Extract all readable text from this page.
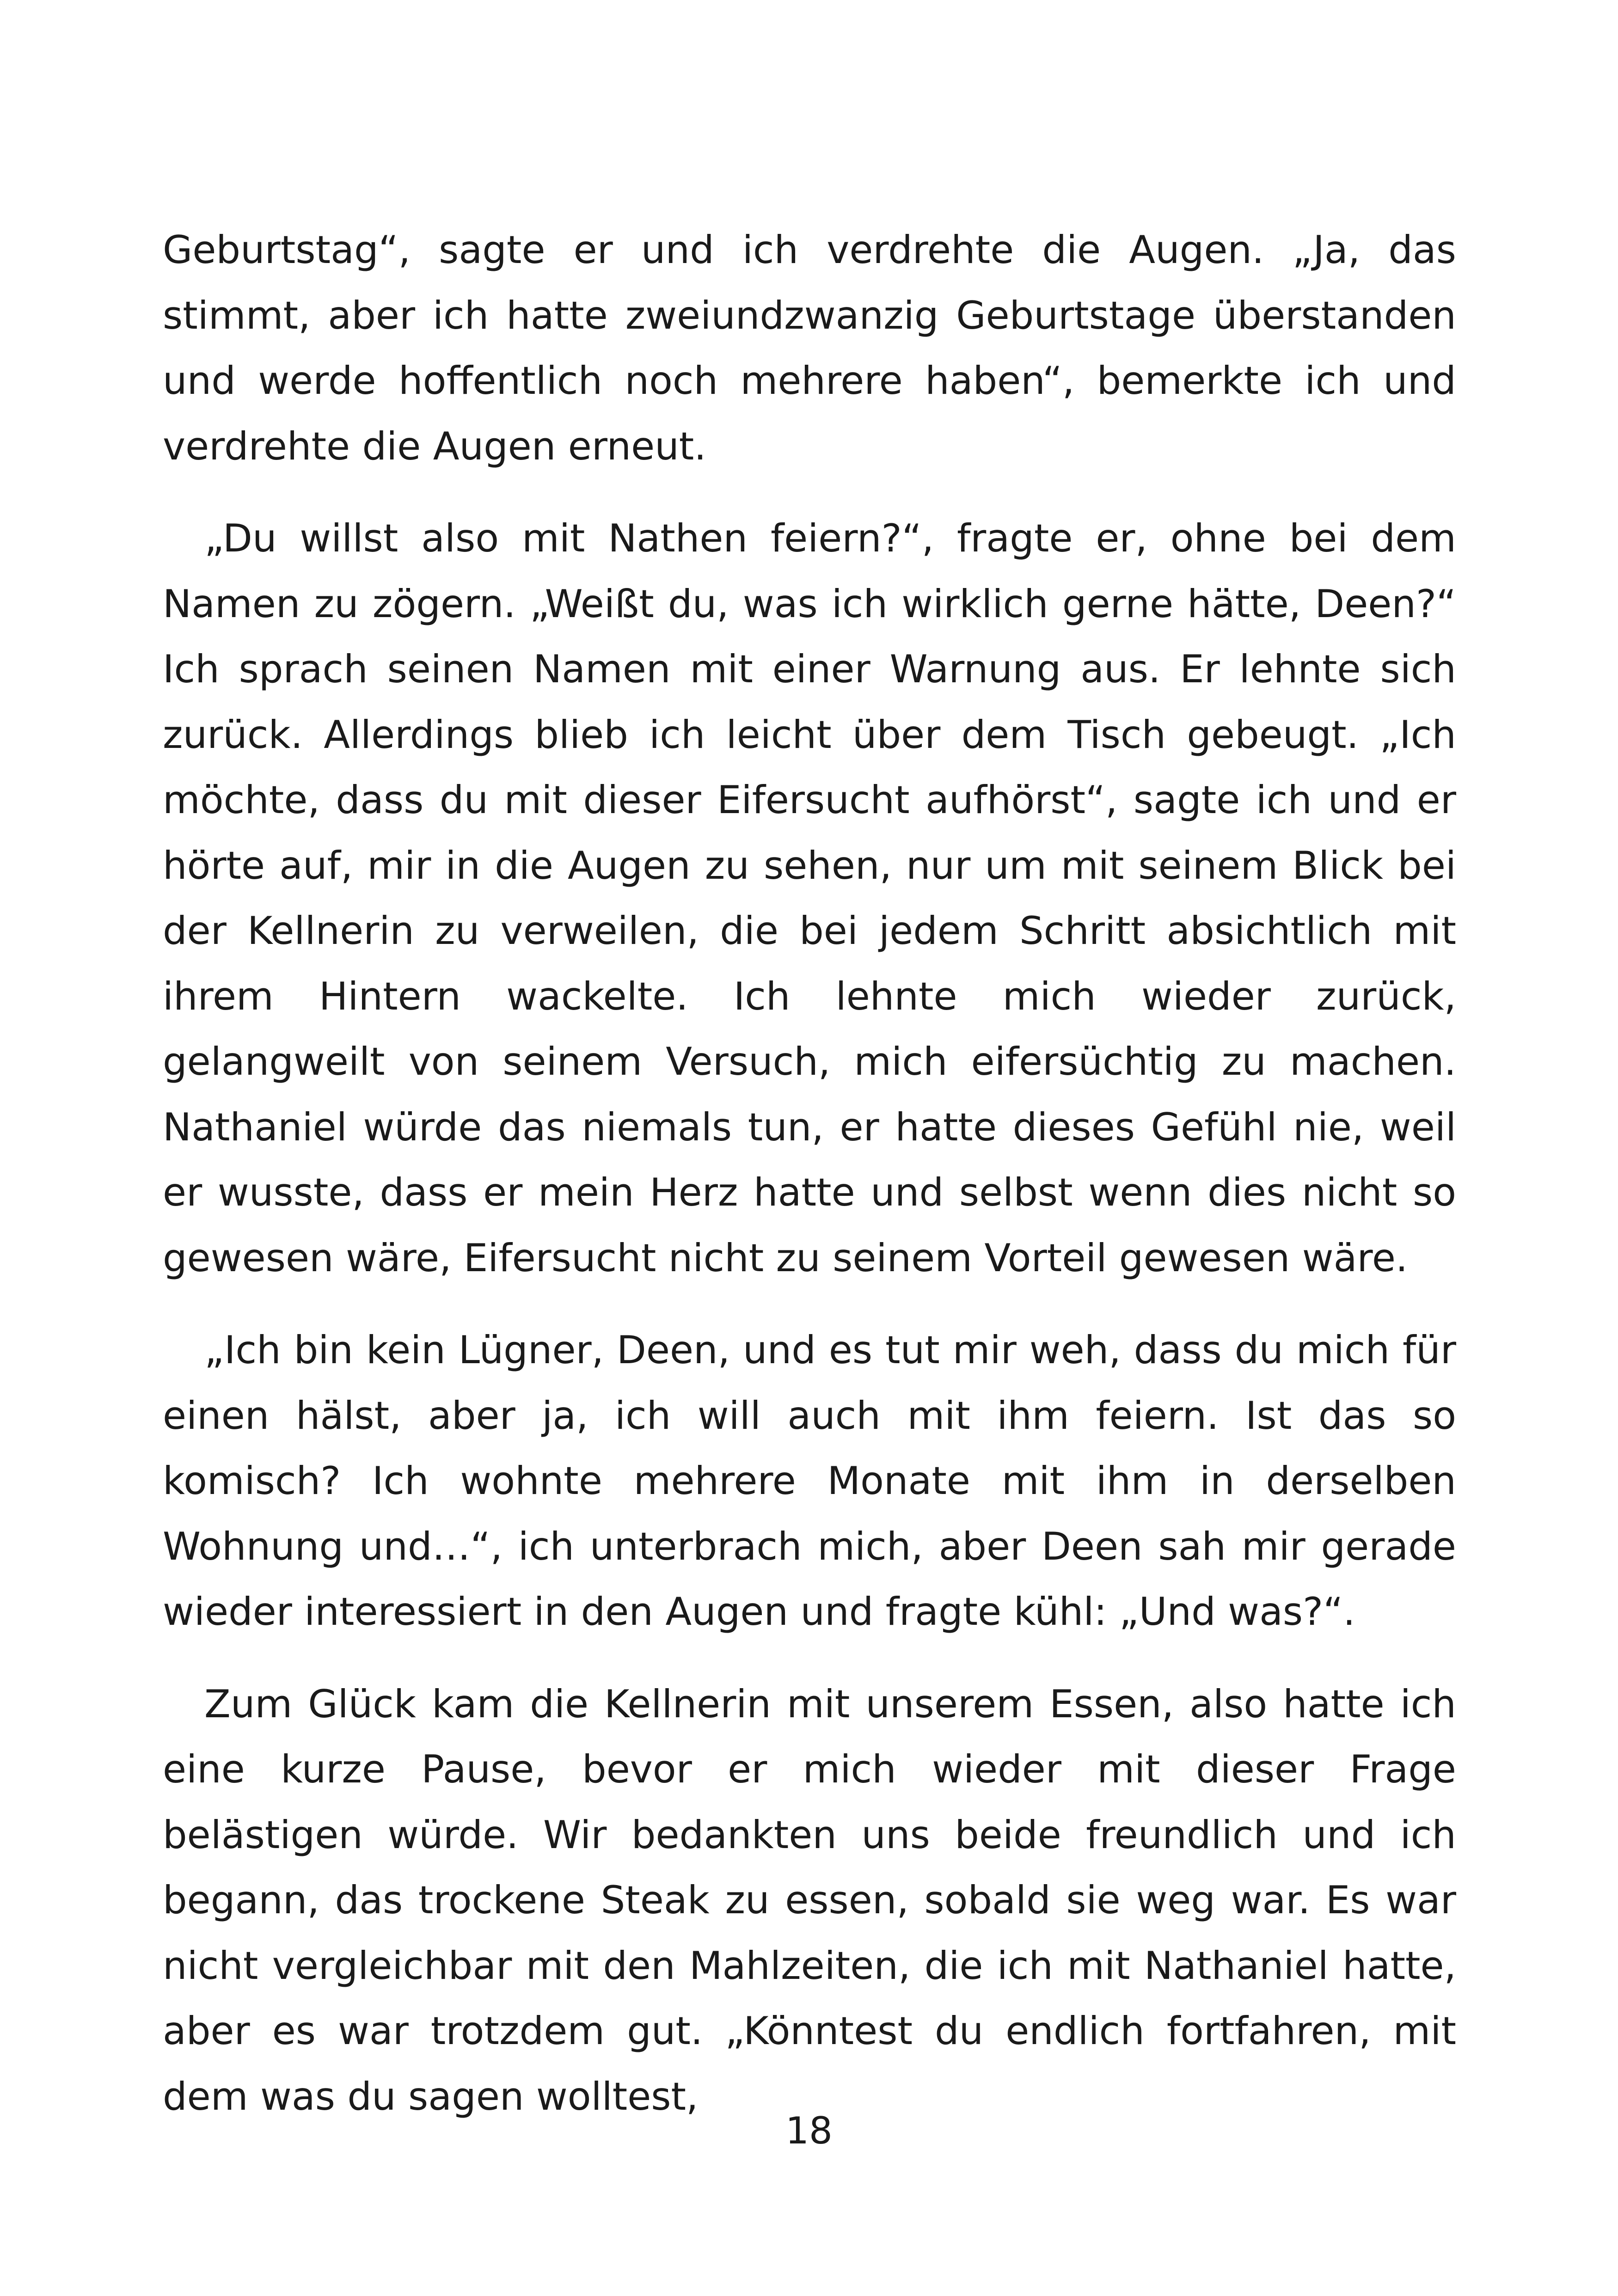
Geburtstag“, sagte er und ich verdrehte die Augen. „Ja, das stimmt, aber ich hatte zweiundzwanzig Geburtstage überstanden und werde hoffentlich noch mehrere haben“, bemerkte ich und verdrehte die Augen erneut.

„Du willst also mit Nathen feiern?“, fragte er, ohne bei dem Namen zu zögern. „Weißt du, was ich wirklich gerne hätte, Deen?“ Ich sprach seinen Namen mit einer Warnung aus. Er lehnte sich zurück. Allerdings blieb ich leicht über dem Tisch gebeugt. „Ich möchte, dass du mit dieser Eifersucht aufhörst“, sagte ich und er hörte auf, mir in die Augen zu sehen, nur um mit seinem Blick bei der Kellnerin zu verweilen, die bei jedem Schritt absichtlich mit ihrem Hintern wackelte. Ich lehnte mich wieder zurück, gelangweilt von seinem Versuch, mich eifersüchtig zu machen. Nathaniel würde das niemals tun, er hatte dieses Gefühl nie, weil er wusste, dass er mein Herz hatte und selbst wenn dies nicht so gewesen wäre, Eifersucht nicht zu seinem Vorteil gewesen wäre.

„Ich bin kein Lügner, Deen, und es tut mir weh, dass du mich für einen hälst, aber ja, ich will auch mit ihm feiern. Ist das so komisch? Ich wohnte mehrere Monate mit ihm in derselben Wohnung und…“, ich unterbrach mich, aber Deen sah mir gerade wieder interessiert in den Augen und fragte kühl: „Und was?“.

Zum Glück kam die Kellnerin mit unserem Essen, also hatte ich eine kurze Pause, bevor er mich wieder mit dieser Frage belästigen würde. Wir bedankten uns beide freundlich und ich begann, das trockene Steak zu essen, sobald sie weg war. Es war nicht vergleichbar mit den Mahlzeiten, die ich mit Nathaniel hatte, aber es war trotzdem gut. „Könntest du endlich fortfahren, mit dem was du sagen wolltest,

18
